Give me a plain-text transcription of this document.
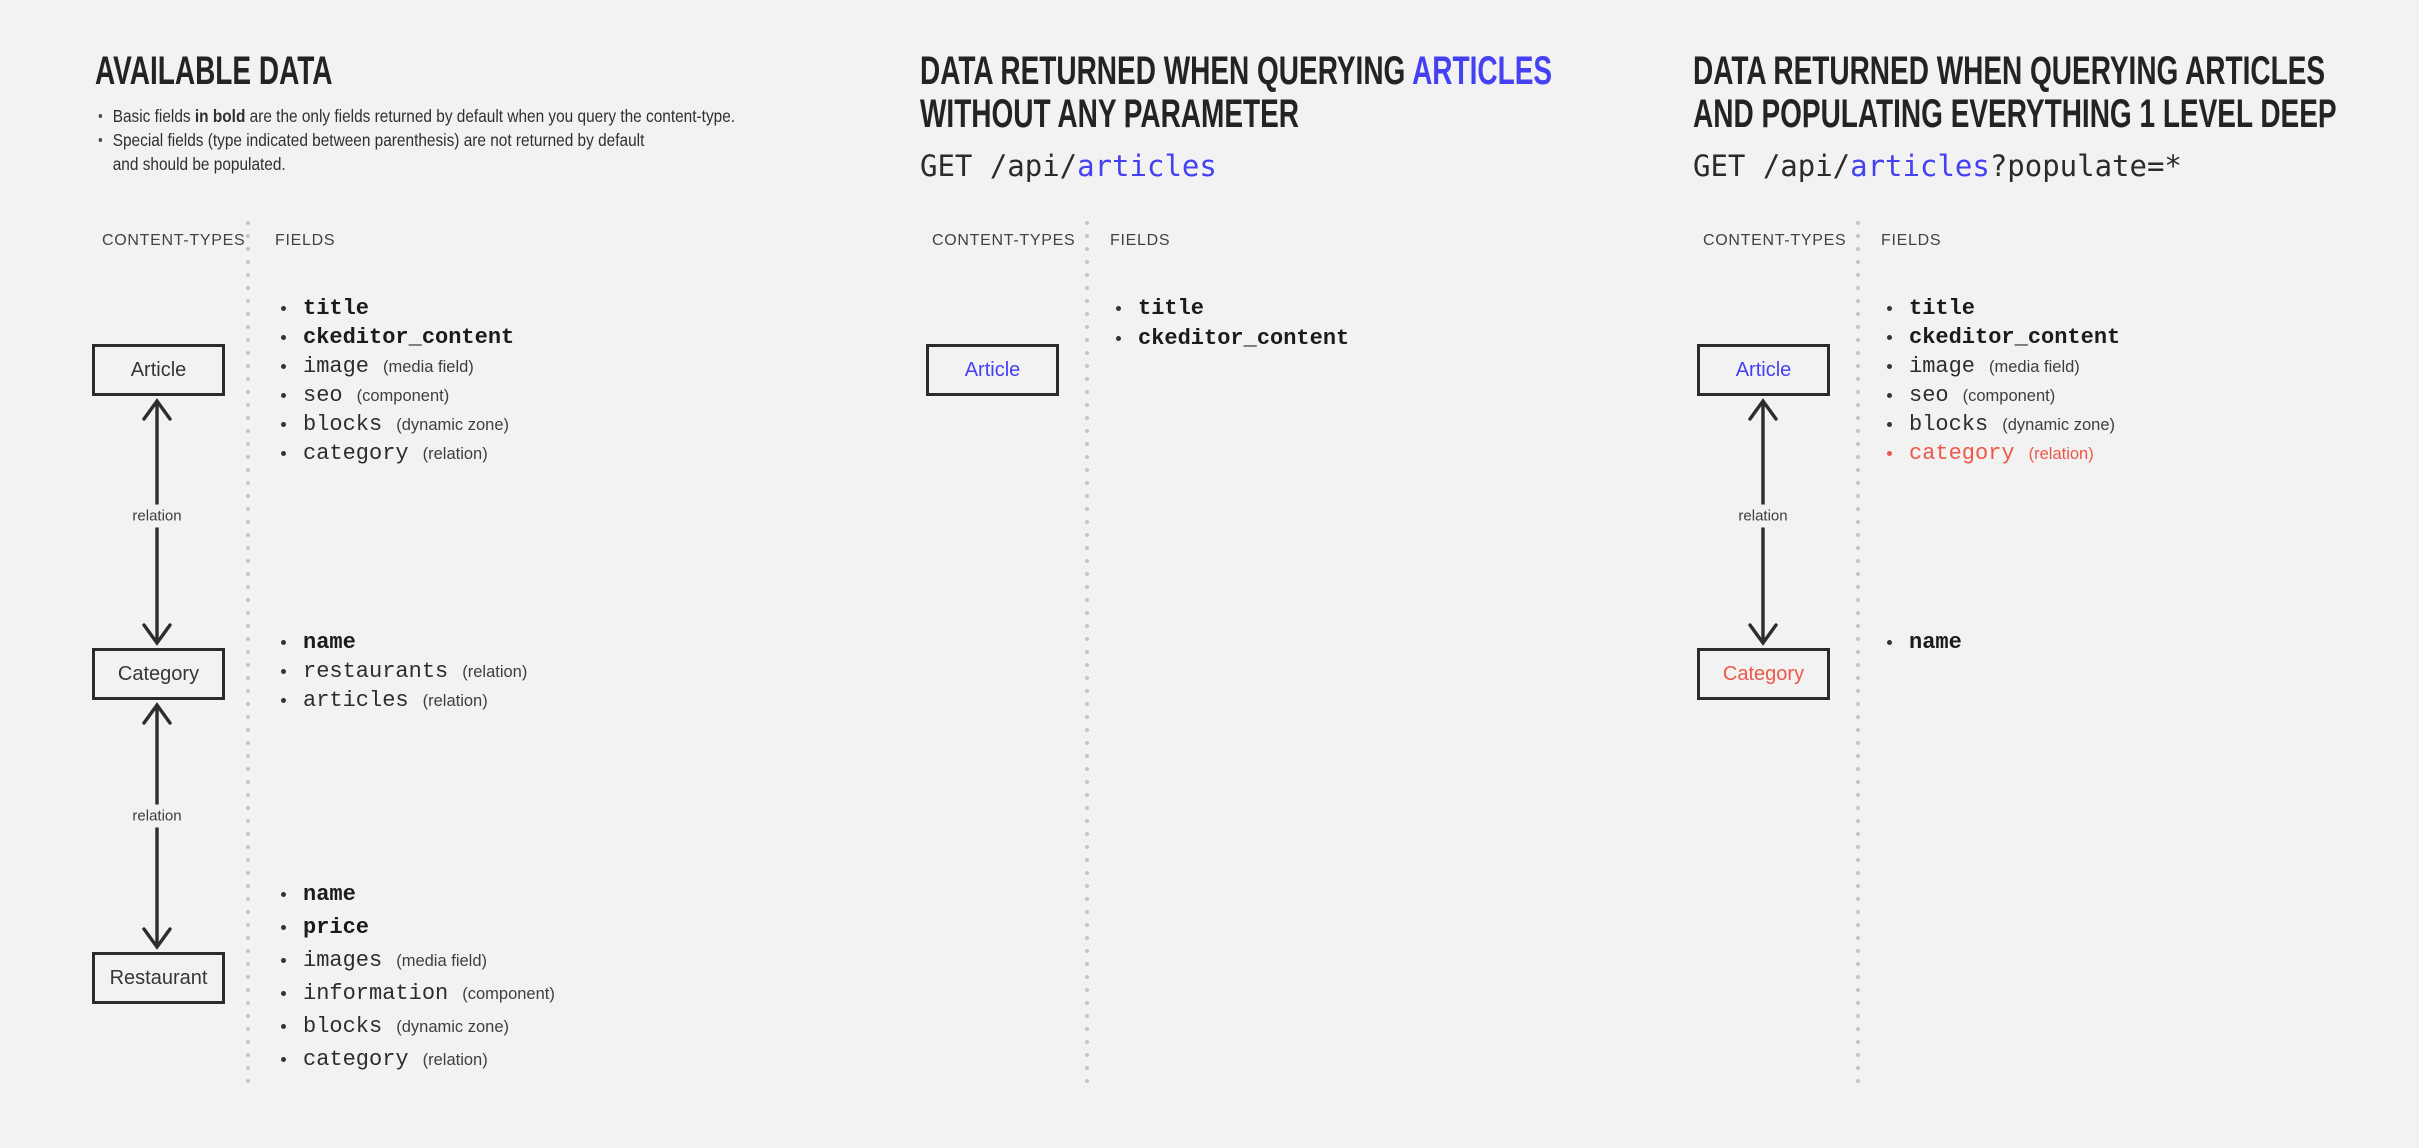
AVAILABLE DATA
Basic fields in bold are the only fields returned by default when you query the content-type.
Special fields (type indicated between parenthesis) are not returned by default
and should be populated.
CONTENT-TYPES FIELDS
Article
Category
Restaurant
relation
relation
title
ckeditor_content
image (media field)
seo (component)
blocks (dynamic zone)
category (relation)
name
restaurants (relation)
articles (relation)
name
price
images (media field)
information (component)
blocks (dynamic zone)
category (relation)
DATA RETURNED WHEN QUERYING ARTICLES
WITHOUT ANY PARAMETER
GET /api/articles
CONTENT-TYPES FIELDS
Article
title
ckeditor_content
DATA RETURNED WHEN QUERYING ARTICLES
AND POPULATING EVERYTHING 1 LEVEL DEEP
GET /api/articles?populate=*
CONTENT-TYPES FIELDS
Article
Category
relation
title
ckeditor_content
image (media field)
seo (component)
blocks (dynamic zone)
category (relation)
name
